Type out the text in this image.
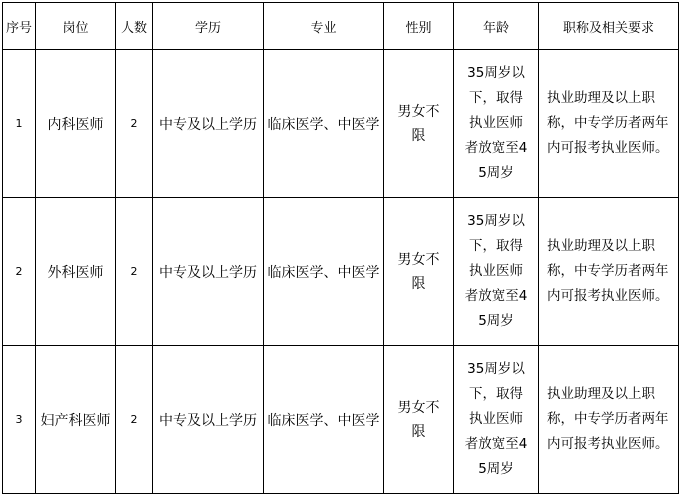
序号	岗位	人数	学历	专业	性别	年龄	职称及相关要求
1	内科医师	2	中专及以上学历	临床医学、中医学	男女不限	35周岁以下，取得执业医师者放宽至45周岁	执业助理及以上职称，中专学历者两年内可报考执业医师。

2	外科医师	2	中专及以上学历	临床医学、中医学	男女不限	35周岁以下，取得执业医师者放宽至45周岁	执业助理及以上职称，中专学历者两年内可报考执业医师。

3	妇产科医师	2	中专及以上学历	临床医学、中医学	男女不限	35周岁以下，取得执业医师者放宽至45周岁	执业助理及以上职称，中专学历者两年内可报考执业医师。
